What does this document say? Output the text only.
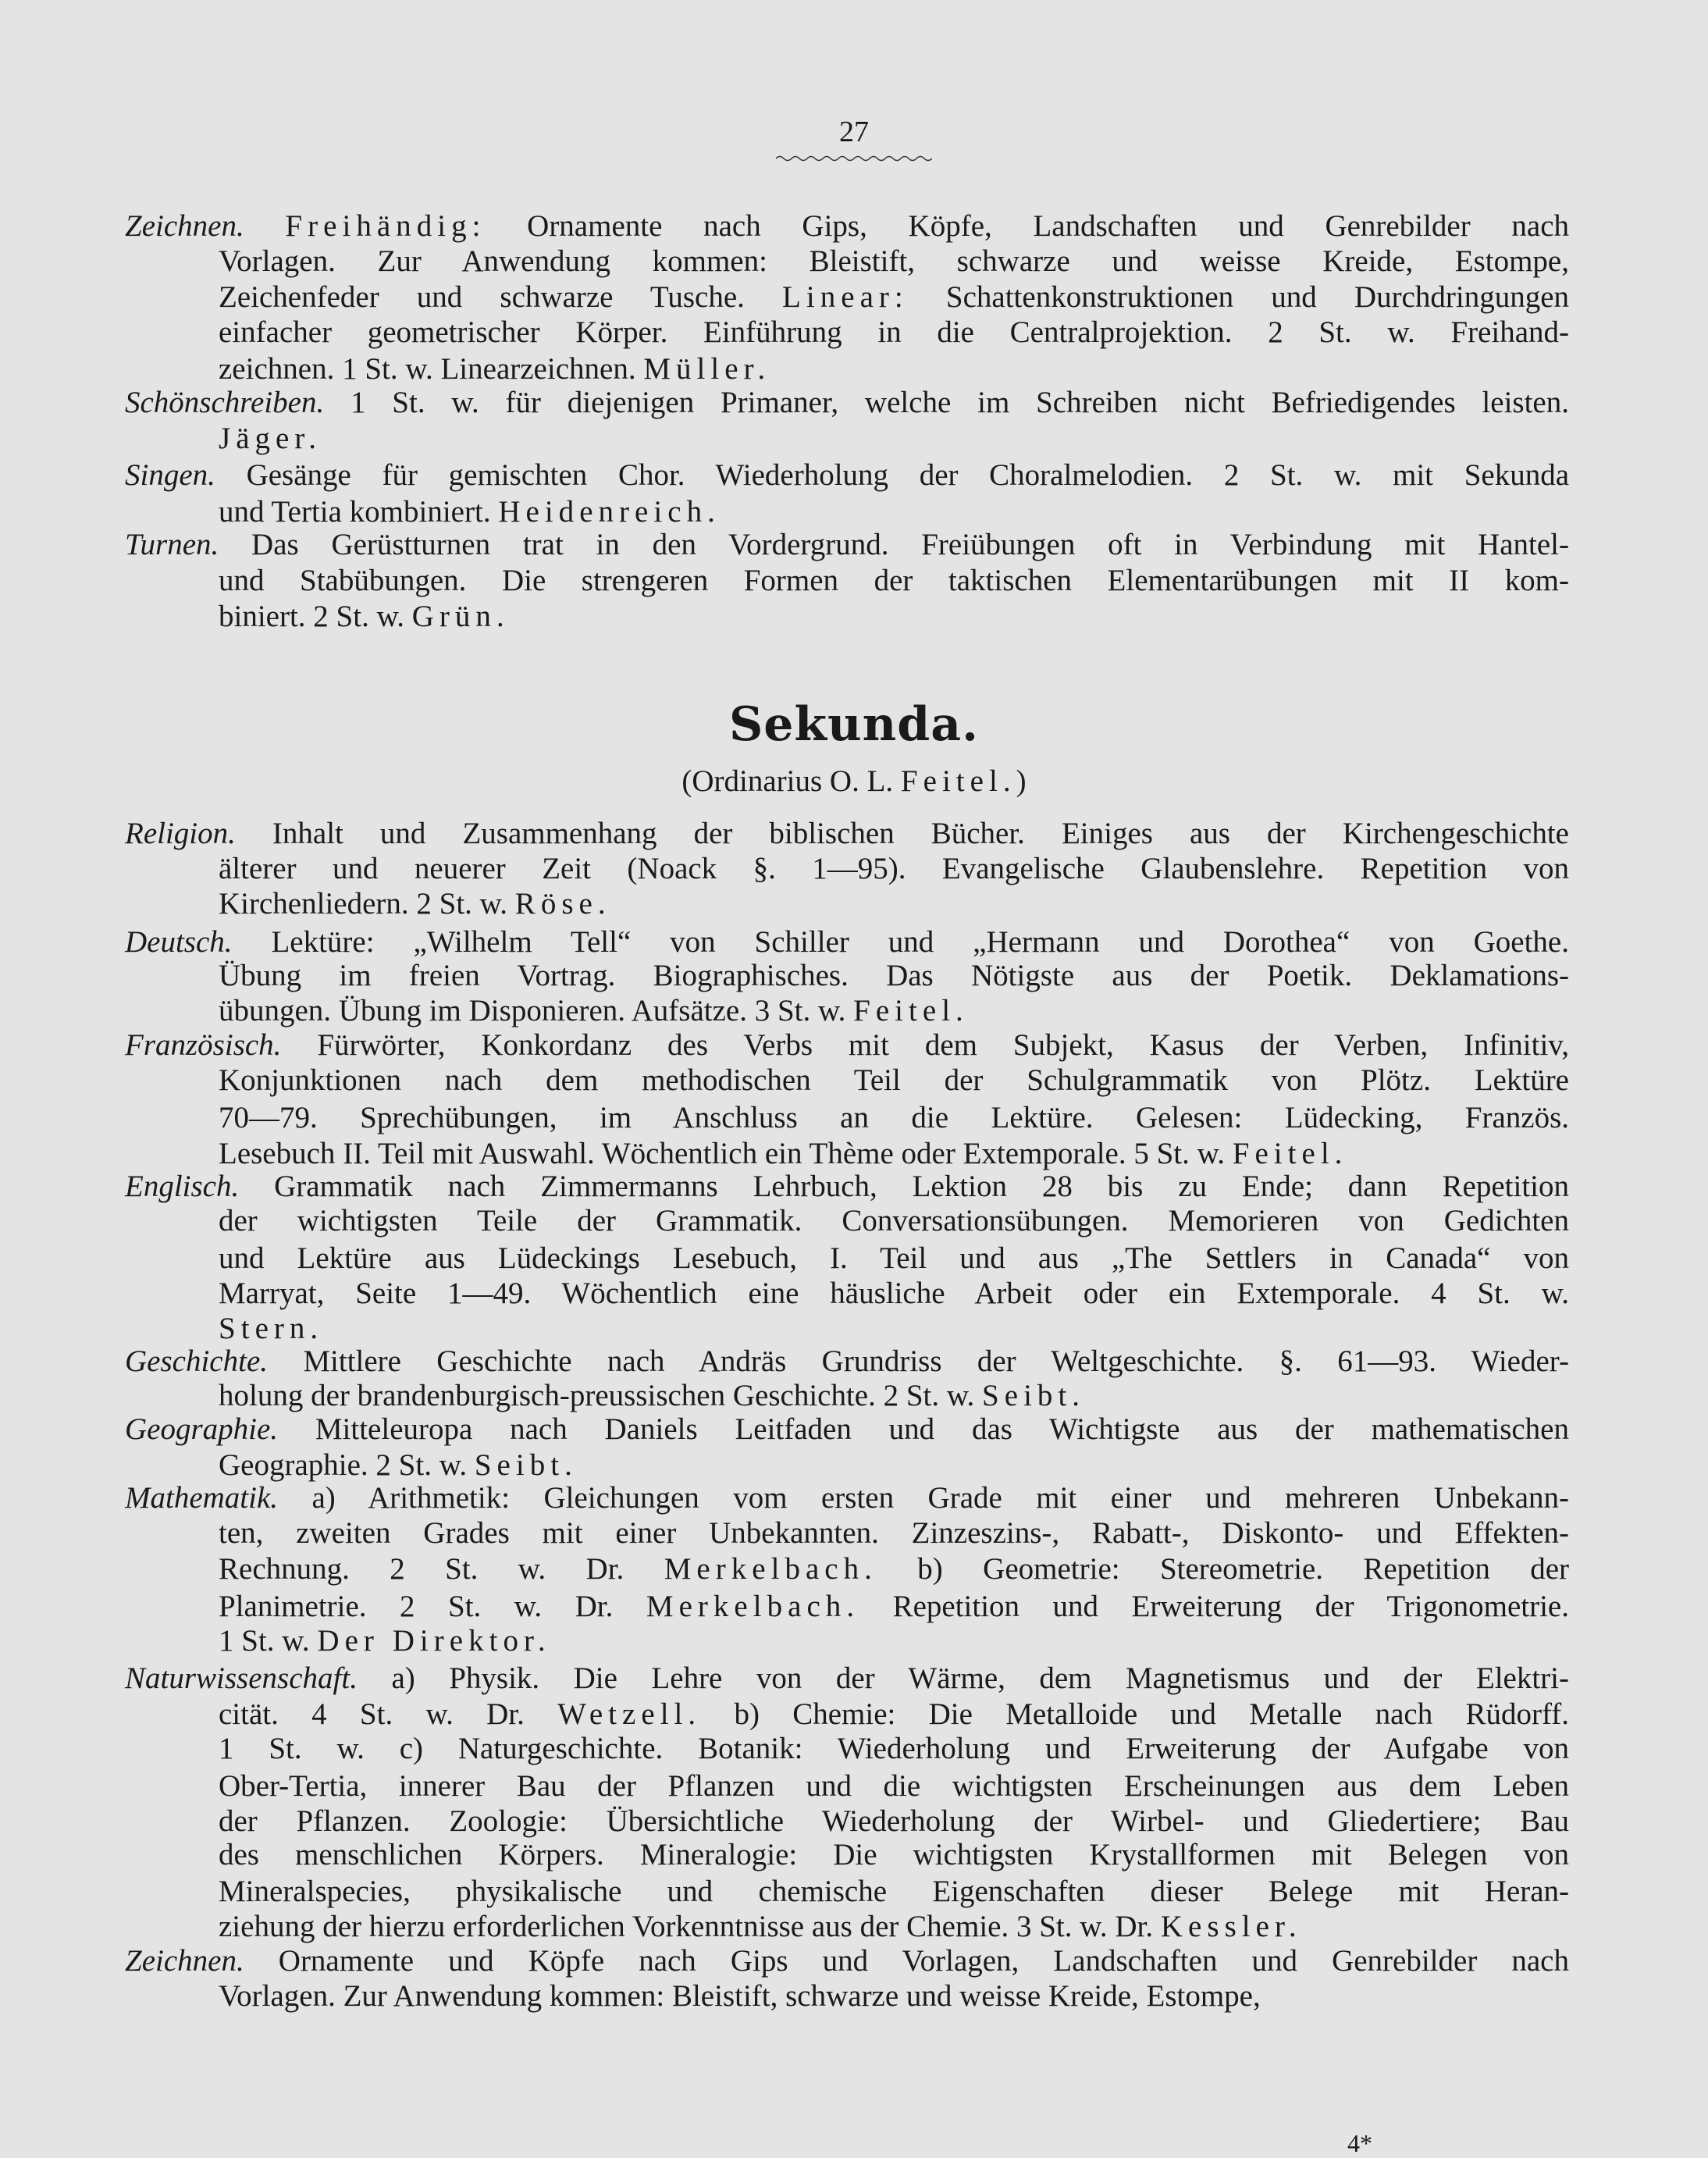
27
Zeichnen. Freihändig: Ornamente nach Gips, Köpfe, Landschaften und Genrebilder nach
Vorlagen. Zur Anwendung kommen: Bleistift, schwarze und weisse Kreide, Estompe,
Zeichenfeder und schwarze Tusche. Linear: Schattenkonstruktionen und Durchdringungen
einfacher geometrischer Körper. Einführung in die Centralprojektion. 2 St. w. Freihand-
zeichnen. 1 St. w. Linearzeichnen. Müller.
Schönschreiben. 1 St. w. für diejenigen Primaner, welche im Schreiben nicht Befriedigendes leisten.
Jäger.
Singen. Gesänge für gemischten Chor. Wiederholung der Choralmelodien. 2 St. w. mit Sekunda
und Tertia kombiniert. Heidenreich.
Turnen. Das Gerüstturnen trat in den Vordergrund. Freiübungen oft in Verbindung mit Hantel-
und Stabübungen. Die strengeren Formen der taktischen Elementarübungen mit II kom-
biniert. 2 St. w. Grün.
Sekunda.
(Ordinarius O. L. Feitel.)
Religion. Inhalt und Zusammenhang der biblischen Bücher. Einiges aus der Kirchengeschichte
älterer und neuerer Zeit (Noack §. 1—95). Evangelische Glaubenslehre. Repetition von
Kirchenliedern. 2 St. w. Röse.
Deutsch. Lektüre: „Wilhelm Tell“ von Schiller und „Hermann und Dorothea“ von Goethe.
Übung im freien Vortrag. Biographisches. Das Nötigste aus der Poetik. Deklamations-
übungen. Übung im Disponieren. Aufsätze. 3 St. w. Feitel.
Französisch. Fürwörter, Konkordanz des Verbs mit dem Subjekt, Kasus der Verben, Infinitiv,
Konjunktionen nach dem methodischen Teil der Schulgrammatik von Plötz. Lektüre
70—79. Sprechübungen, im Anschluss an die Lektüre. Gelesen: Lüdecking, Französ.
Lesebuch II. Teil mit Auswahl. Wöchentlich ein Thème oder Extemporale. 5 St. w. Feitel.
Englisch. Grammatik nach Zimmermanns Lehrbuch, Lektion 28 bis zu Ende; dann Repetition
der wichtigsten Teile der Grammatik. Conversationsübungen. Memorieren von Gedichten
und Lektüre aus Lüdeckings Lesebuch, I. Teil und aus „The Settlers in Canada“ von
Marryat, Seite 1—49. Wöchentlich eine häusliche Arbeit oder ein Extemporale. 4 St. w.
Stern.
Geschichte. Mittlere Geschichte nach Andräs Grundriss der Weltgeschichte. §. 61—93. Wieder-
holung der brandenburgisch-preussischen Geschichte. 2 St. w. Seibt.
Geographie. Mitteleuropa nach Daniels Leitfaden und das Wichtigste aus der mathematischen
Geographie. 2 St. w. Seibt.
Mathematik. a) Arithmetik: Gleichungen vom ersten Grade mit einer und mehreren Unbekann-
ten, zweiten Grades mit einer Unbekannten. Zinzeszins-, Rabatt-, Diskonto- und Effekten-
Rechnung. 2 St. w. Dr. Merkelbach. b) Geometrie: Stereometrie. Repetition der
Planimetrie. 2 St. w. Dr. Merkelbach. Repetition und Erweiterung der Trigonometrie.
1 St. w. Der Direktor.
Naturwissenschaft. a) Physik. Die Lehre von der Wärme, dem Magnetismus und der Elektri-
cität. 4 St. w. Dr. Wetzell. b) Chemie: Die Metalloide und Metalle nach Rüdorff.
1 St. w. c) Naturgeschichte. Botanik: Wiederholung und Erweiterung der Aufgabe von
Ober-Tertia, innerer Bau der Pflanzen und die wichtigsten Erscheinungen aus dem Leben
der Pflanzen. Zoologie: Übersichtliche Wiederholung der Wirbel- und Gliedertiere; Bau
des menschlichen Körpers. Mineralogie: Die wichtigsten Krystallformen mit Belegen von
Mineralspecies, physikalische und chemische Eigenschaften dieser Belege mit Heran-
ziehung der hierzu erforderlichen Vorkenntnisse aus der Chemie. 3 St. w. Dr. Kessler.
Zeichnen. Ornamente und Köpfe nach Gips und Vorlagen, Landschaften und Genrebilder nach
Vorlagen. Zur Anwendung kommen: Bleistift, schwarze und weisse Kreide, Estompe,
4*
